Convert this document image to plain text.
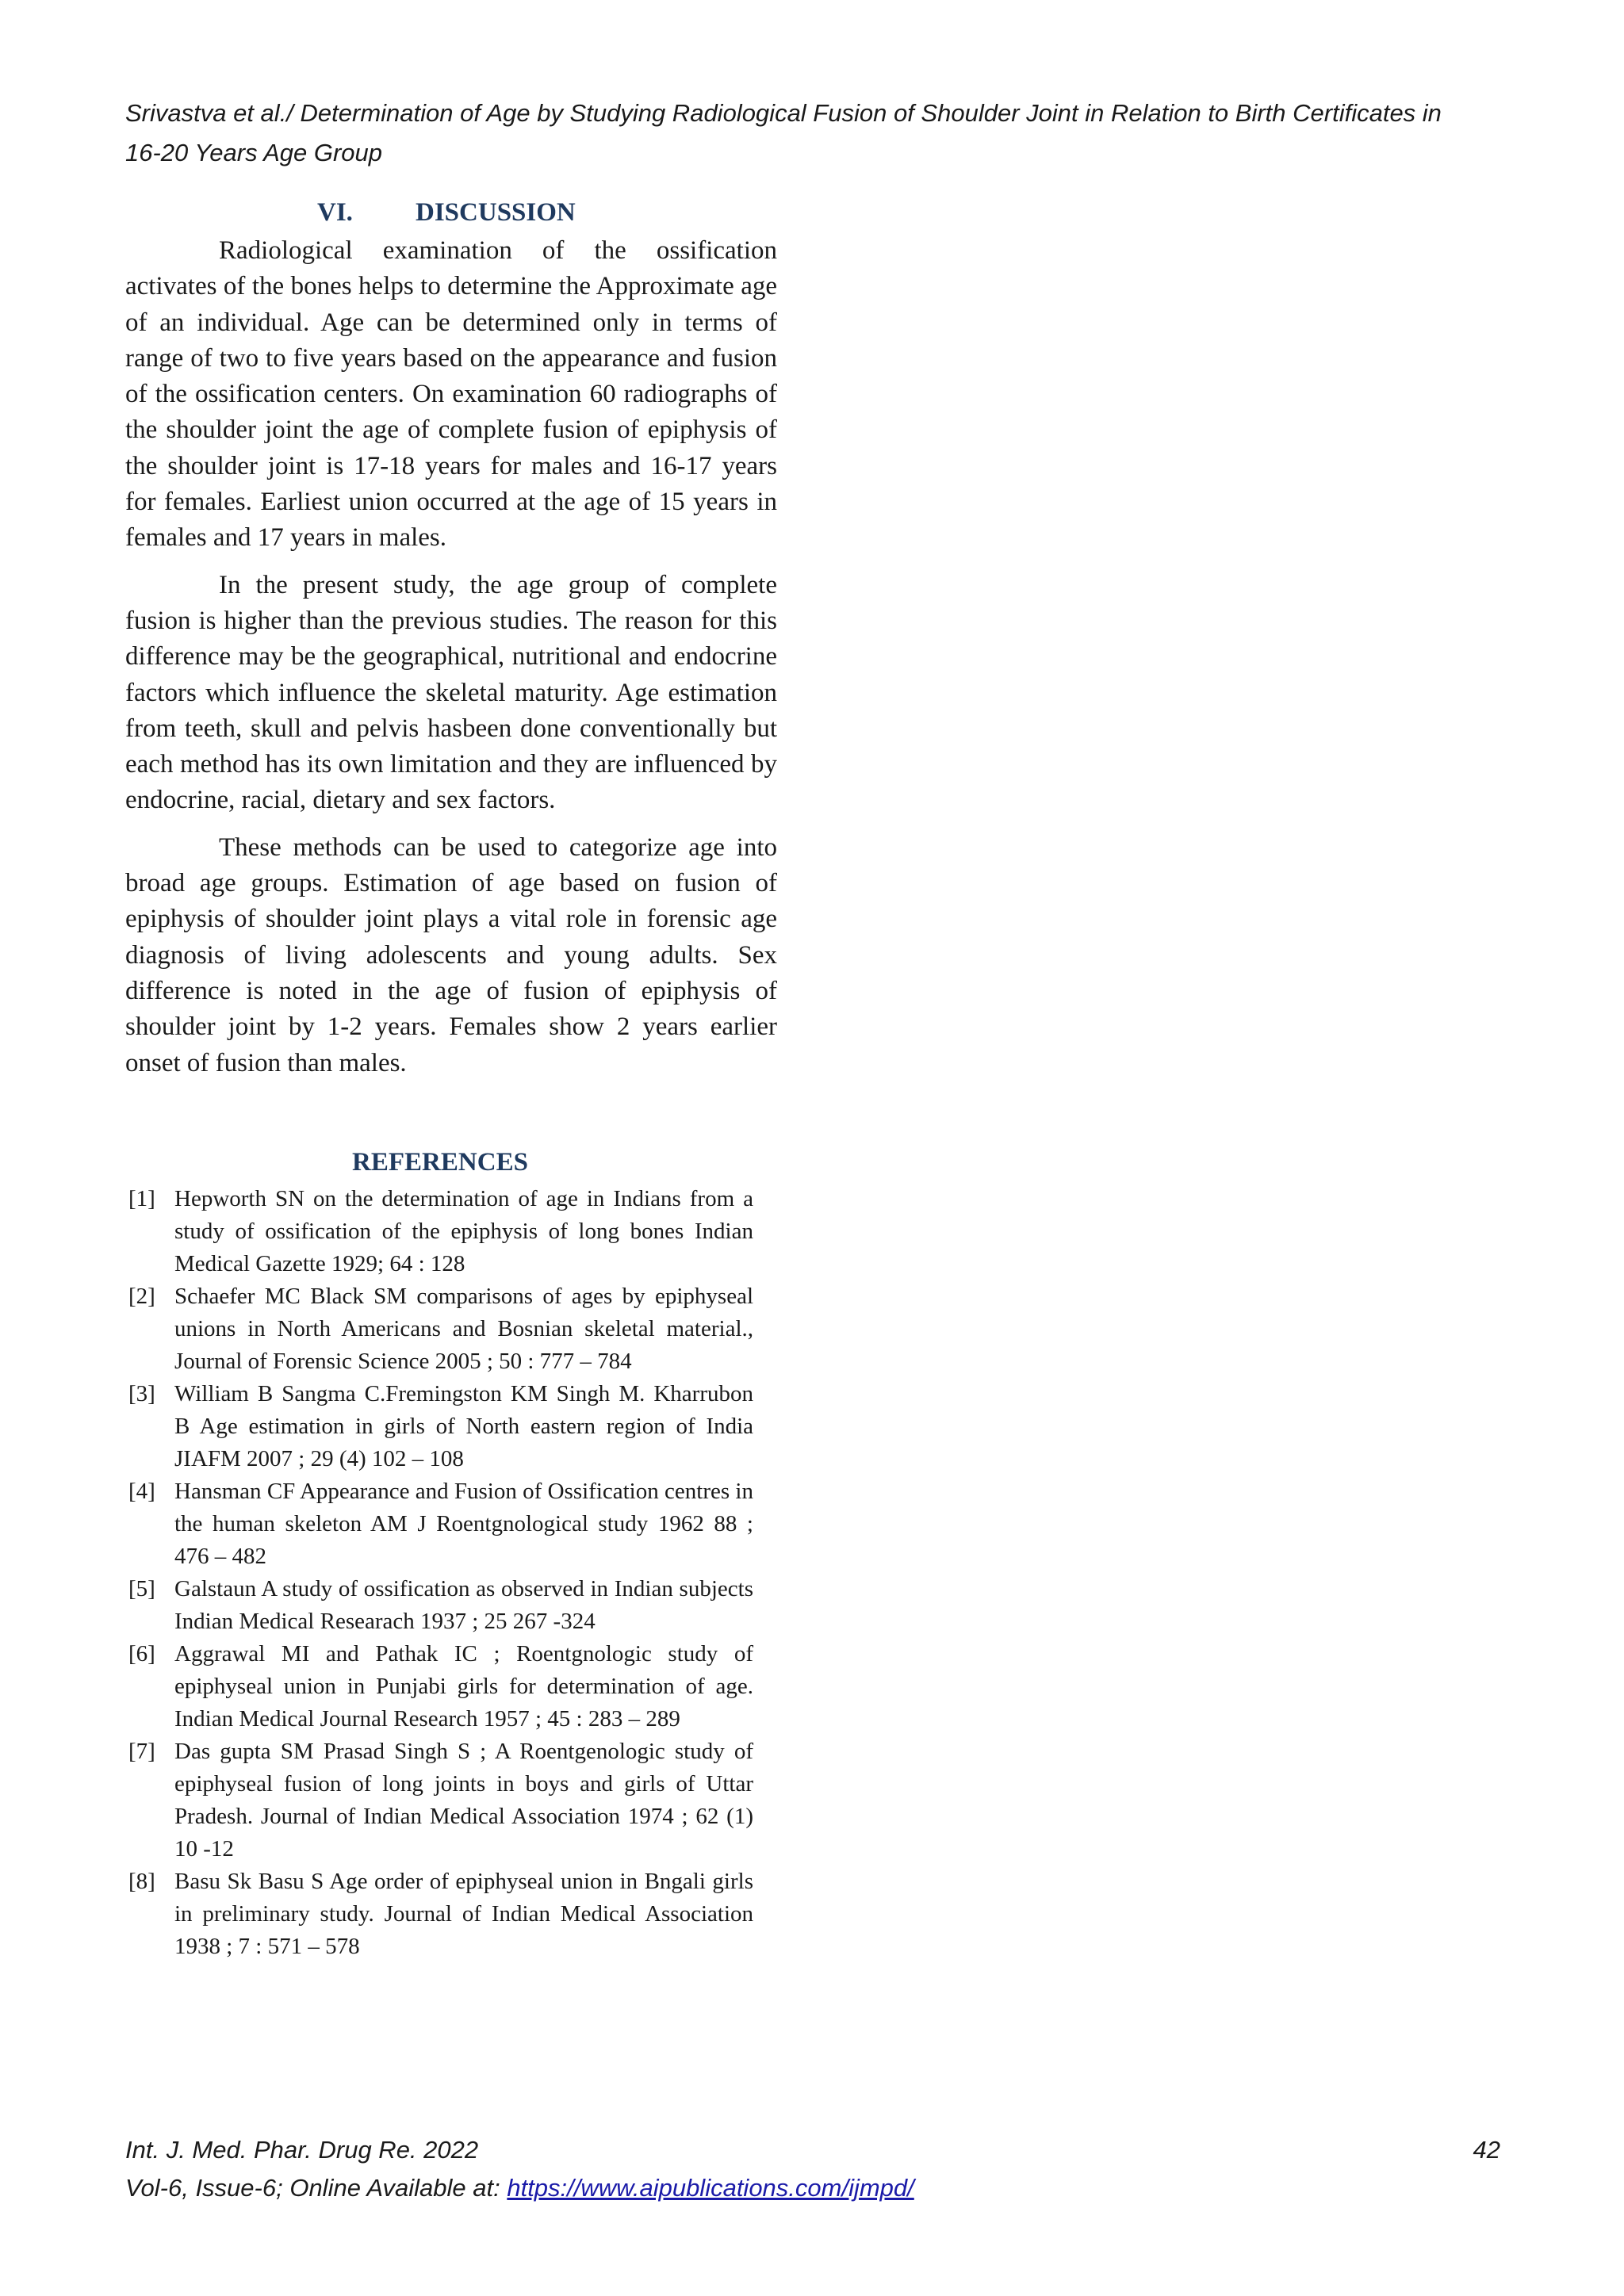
Srivastva et al./ Determination of Age by Studying Radiological Fusion of Shoulder Joint in Relation to Birth Certificates in 16-20 Years Age Group
VI. DISCUSSION

Radiological examination of the ossification activates of the bones helps to determine the Approximate age of an individual. Age can be determined only in terms of range of two to five years based on the appearance and fusion of the ossification centers. On examination 60 radiographs of the shoulder joint the age of complete fusion of epiphysis of the shoulder joint is 17-18 years for males and 16-17 years for females. Earliest union occurred at the age of 15 years in females and 17 years in males.

In the present study, the age group of complete fusion is higher than the previous studies. The reason for this difference may be the geographical, nutritional and endocrine factors which influence the skeletal maturity. Age estimation from teeth, skull and pelvis hasbeen done conventionally but each method has its own limitation and they are influenced by endocrine, racial, dietary and sex factors.

These methods can be used to categorize age into broad age groups. Estimation of age based on fusion of epiphysis of shoulder joint plays a vital role in forensic age diagnosis of living adolescents and young adults. Sex difference is noted in the age of fusion of epiphysis of shoulder joint by 1-2 years. Females show 2 years earlier onset of fusion than males.

REFERENCES
[1] Hepworth SN on the determination of age in Indians from a study of ossification of the epiphysis of long bones Indian Medical Gazette 1929; 64 : 128
[2] Schaefer MC Black SM comparisons of ages by epiphyseal unions in North Americans and Bosnian skeletal material., Journal of Forensic Science 2005 ; 50 : 777 – 784
[3] William B Sangma C.Fremingston KM Singh M. Kharrubon B Age estimation in girls of North eastern region of India JIAFM 2007 ; 29 (4) 102 – 108
[4] Hansman CF Appearance and Fusion of Ossification centres in the human skeleton AM J Roentgnological study 1962 88 ; 476 – 482
[5] Galstaun A study of ossification as observed in Indian subjects Indian Medical Researach 1937 ; 25 267 -324
[6] Aggrawal MI and Pathak IC ; Roentgnologic study of epiphyseal union in Punjabi girls for determination of age. Indian Medical Journal Research 1957 ; 45 : 283 – 289
[7] Das gupta SM Prasad Singh S ; A Roentgenologic study of epiphyseal fusion of long joints in boys and girls of Uttar Pradesh. Journal of Indian Medical Association 1974 ; 62 (1) 10 -12
[8] Basu Sk Basu S Age order of epiphyseal union in Bngali girls in preliminary study. Journal of Indian Medical Association 1938 ; 7 : 571 – 578
Int. J. Med. Phar. Drug Re. 2022	42
Vol-6, Issue-6; Online Available at: https://www.aipublications.com/ijmpd/
